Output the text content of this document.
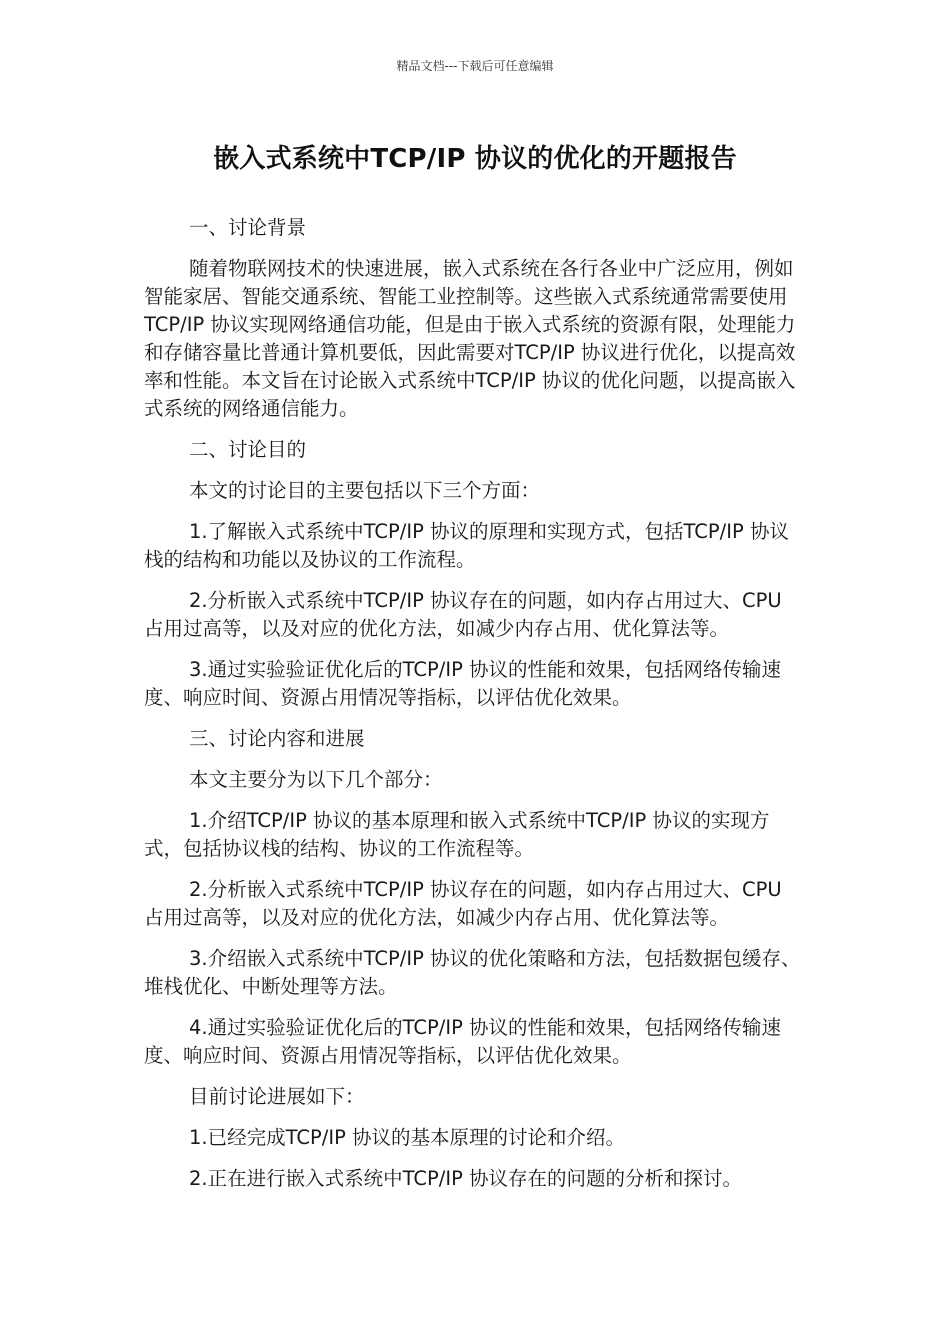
精品文档---下载后可任意编辑
嵌入式系统中TCP/IP 协议的优化的开题报告

一、讨论背景

随着物联网技术的快速进展，嵌入式系统在各行各业中广泛应用，例如智能家居、智能交通系统、智能工业控制等。这些嵌入式系统通常需要使用TCP/IP 协议实现网络通信功能，但是由于嵌入式系统的资源有限，处理能力和存储容量比普通计算机要低，因此需要对TCP/IP 协议进行优化，以提高效率和性能。本文旨在讨论嵌入式系统中TCP/IP 协议的优化问题，以提高嵌入式系统的网络通信能力。

二、讨论目的

本文的讨论目的主要包括以下三个方面：

1.了解嵌入式系统中TCP/IP 协议的原理和实现方式，包括TCP/IP 协议栈的结构和功能以及协议的工作流程。

2.分析嵌入式系统中TCP/IP 协议存在的问题，如内存占用过大、CPU 占用过高等，以及对应的优化方法，如减少内存占用、优化算法等。

3.通过实验验证优化后的TCP/IP 协议的性能和效果，包括网络传输速度、响应时间、资源占用情况等指标，以评估优化效果。

三、讨论内容和进展

本文主要分为以下几个部分：

1.介绍TCP/IP 协议的基本原理和嵌入式系统中TCP/IP 协议的实现方式，包括协议栈的结构、协议的工作流程等。

2.分析嵌入式系统中TCP/IP 协议存在的问题，如内存占用过大、CPU 占用过高等，以及对应的优化方法，如减少内存占用、优化算法等。

3.介绍嵌入式系统中TCP/IP 协议的优化策略和方法，包括数据包缓存、堆栈优化、中断处理等方法。

4.通过实验验证优化后的TCP/IP 协议的性能和效果，包括网络传输速度、响应时间、资源占用情况等指标，以评估优化效果。

目前讨论进展如下：

1.已经完成TCP/IP 协议的基本原理的讨论和介绍。

2.正在进行嵌入式系统中TCP/IP 协议存在的问题的分析和探讨。
